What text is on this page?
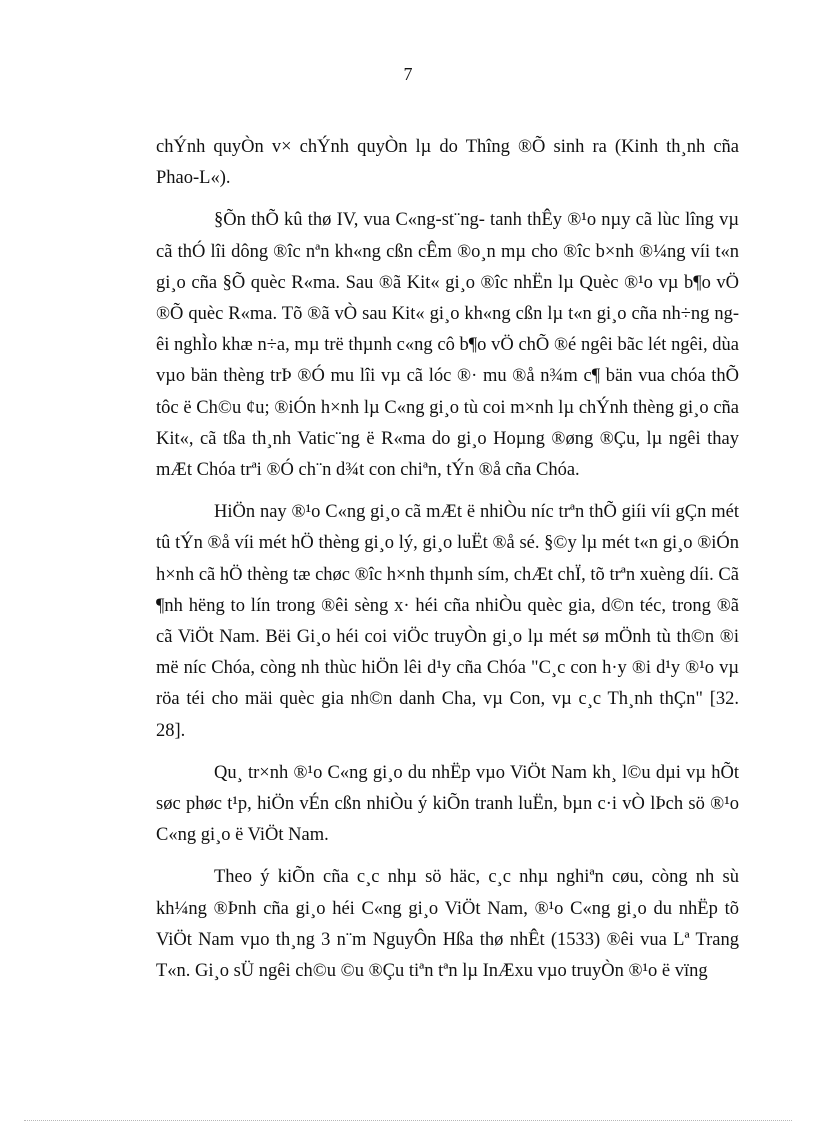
7

chÝnh quyÒn v× chÝnh quyÒn lµ do Thîng ®Õ sinh ra (Kinh th¸nh cña Phao-L«).

§Õn thÕ kû thø IV, vua C«ng-st¨ng- tanh thÊy ®¹o nµy cã lùc lîng vµ cã thÓ lîi dông ®îc nªn kh«ng cßn cÊm ®o¸n mµ cho ®îc b×nh ®¼ng víi t«n gi¸o cña §Õ quèc R«ma. Sau ®ã Kit« gi¸o ®îc nhËn lµ Quèc ®¹o vµ b¶o vÖ ®Õ quèc R«ma. Tõ ®ã vÒ sau Kit« gi¸o kh«ng cßn lµ t«n gi¸o cña nh÷ng ngêi nghÌo khæ n÷a, mµ trë thµnh c«ng cô b¶o vÖ chÕ ®é ngêi bãc lét ngêi, dùa vµo bän thèng trÞ ®Ó mu lîi vµ cã lóc ®· mu ®å n¾m c¶ bän vua chóa thÕ tôc ë Ch©u ¢u; ®iÓn h×nh lµ C«ng gi¸o tù coi m×nh lµ chÝnh thèng gi¸o cña Kit«, cã tßa th¸nh Vatic¨ng ë R«ma do gi¸o Hoµng ®øng ®Çu, lµ ngêi thay mÆt Chóa trªi ®Ó ch¨n d¾t con chiªn, tÝn ®å cña Chóa.

HiÖn nay ®¹o C«ng gi¸o cã mÆt ë nhiÒu níc trªn thÕ giíi víi gÇn mét tû tÝn ®å víi mét hÖ thèng gi¸o lý, gi¸o luËt ®å sé. §©y lµ mét t«n gi¸o ®iÓn h×nh cã hÖ thèng tæ chøc ®îc h×nh thµnh sím, chÆt chÏ, tõ trªn xuèng díi. Cã ¶nh hëng to lín trong ®êi sèng x· héi cña nhiÒu quèc gia, d©n téc, trong ®ã cã ViÖt Nam. Bëi Gi¸o héi coi viÖc truyÒn gi¸o lµ mét sø mÖnh tù th©n ®i më níc Chóa, còng nh thùc hiÖn lêi d¹y cña Chóa "C¸c con h·y ®i d¹y ®¹o vµ röa téi cho mäi quèc gia nh©n danh Cha, vµ Con, vµ c¸c Th¸nh thÇn" [32. 28].

Qu¸ tr×nh ®¹o C«ng gi¸o du nhËp vµo ViÖt Nam kh¸ l©u dµi vµ hÕt søc phøc t¹p, hiÖn vÉn cßn nhiÒu ý kiÕn tranh luËn, bµn c·i vÒ lÞch sö ®¹o C«ng gi¸o ë ViÖt Nam.

Theo ý kiÕn cña c¸c nhµ sö häc, c¸c nhµ nghiªn cøu, còng nh sù kh¼ng ®Þnh cña gi¸o héi C«ng gi¸o ViÖt Nam, ®¹o C«ng gi¸o du nhËp tõ ViÖt Nam vµo th¸ng 3 n¨m NguyÔn Hßa thø nhÊt (1533) ®êi vua Lª Trang T«n. Gi¸o sÜ ngêi ch©u ©u ®Çu tiªn tªn lµ InÆxu vµo truyÒn ®¹o ë vïng
